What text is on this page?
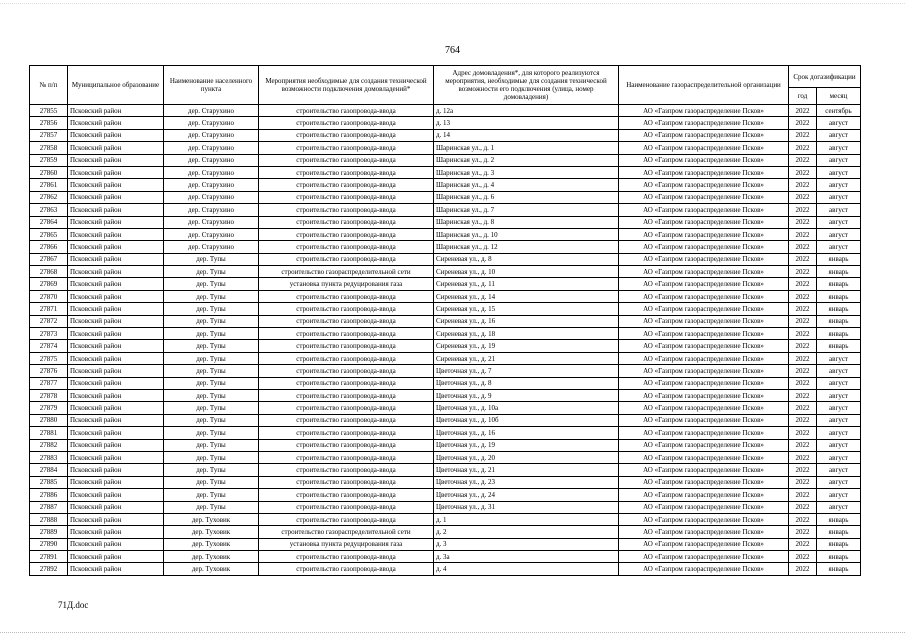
764
№ п/п	Муниципальное образование	Наименование населенного пункта	Мероприятия необходимые для создания технической возможности подключения домовладений*	Адрес домовладения*, для которого реализуются мероприятия, необходимые для создания технической возможности его подключения (улица, номер домовладения)	Наименование газораспределительной организации	Срок догазификации	
						год	месяц
27855	Псковский район	дер. Старухино	строительство газопровода-ввода	д. 12а	АО «Газпром газораспределение Псков»	2022	сентябрь
27856	Псковский район	дер. Старухино	строительство газопровода-ввода	д. 13	АО «Газпром газораспределение Псков»	2022	август
27857	Псковский район	дер. Старухино	строительство газопровода-ввода	д. 14	АО «Газпром газораспределение Псков»	2022	август
27858	Псковский район	дер. Старухино	строительство газопровода-ввода	Шаринская ул., д. 1	АО «Газпром газораспределение Псков»	2022	август
27859	Псковский район	дер. Старухино	строительство газопровода-ввода	Шаринская ул., д. 2	АО «Газпром газораспределение Псков»	2022	август
27860	Псковский район	дер. Старухино	строительство газопровода-ввода	Шаринская ул., д. 3	АО «Газпром газораспределение Псков»	2022	август
27861	Псковский район	дер. Старухино	строительство газопровода-ввода	Шаринская ул., д. 4	АО «Газпром газораспределение Псков»	2022	август
27862	Псковский район	дер. Старухино	строительство газопровода-ввода	Шаринская ул., д. 6	АО «Газпром газораспределение Псков»	2022	август
27863	Псковский район	дер. Старухино	строительство газопровода-ввода	Шаринская ул., д. 7	АО «Газпром газораспределение Псков»	2022	август
27864	Псковский район	дер. Старухино	строительство газопровода-ввода	Шаринская ул., д. 8	АО «Газпром газораспределение Псков»	2022	август
27865	Псковский район	дер. Старухино	строительство газопровода-ввода	Шаринская ул., д. 10	АО «Газпром газораспределение Псков»	2022	август
27866	Псковский район	дер. Старухино	строительство газопровода-ввода	Шаринская ул., д. 12	АО «Газпром газораспределение Псков»	2022	август
27867	Псковский район	дер. Тупы	строительство газопровода-ввода	Сиреневая ул., д. 8	АО «Газпром газораспределение Псков»	2022	январь
27868	Псковский район	дер. Тупы	строительство газораспределительной сети	Сиреневая ул., д. 10	АО «Газпром газораспределение Псков»	2022	январь
27869	Псковский район	дер. Тупы	установка пункта редуцирования газа	Сиреневая ул., д. 11	АО «Газпром газораспределение Псков»	2022	январь
27870	Псковский район	дер. Тупы	строительство газопровода-ввода	Сиреневая ул., д. 14	АО «Газпром газораспределение Псков»	2022	январь
27871	Псковский район	дер. Тупы	строительство газопровода-ввода	Сиреневая ул., д. 15	АО «Газпром газораспределение Псков»	2022	январь
27872	Псковский район	дер. Тупы	строительство газопровода-ввода	Сиреневая ул., д. 16	АО «Газпром газораспределение Псков»	2022	январь
27873	Псковский район	дер. Тупы	строительство газопровода-ввода	Сиреневая ул., д. 18	АО «Газпром газораспределение Псков»	2022	январь
27874	Псковский район	дер. Тупы	строительство газопровода-ввода	Сиреневая ул., д. 19	АО «Газпром газораспределение Псков»	2022	январь
27875	Псковский район	дер. Тупы	строительство газопровода-ввода	Сиреневая ул., д. 21	АО «Газпром газораспределение Псков»	2022	август
27876	Псковский район	дер. Тупы	строительство газопровода-ввода	Цветочная ул., д. 7	АО «Газпром газораспределение Псков»	2022	август
27877	Псковский район	дер. Тупы	строительство газопровода-ввода	Цветочная ул., д. 8	АО «Газпром газораспределение Псков»	2022	август
27878	Псковский район	дер. Тупы	строительство газопровода-ввода	Цветочная ул., д. 9	АО «Газпром газораспределение Псков»	2022	август
27879	Псковский район	дер. Тупы	строительство газопровода-ввода	Цветочная ул., д. 10а	АО «Газпром газораспределение Псков»	2022	август
27880	Псковский район	дер. Тупы	строительство газопровода-ввода	Цветочная ул., д. 10б	АО «Газпром газораспределение Псков»	2022	август
27881	Псковский район	дер. Тупы	строительство газопровода-ввода	Цветочная ул., д. 16	АО «Газпром газораспределение Псков»	2022	август
27882	Псковский район	дер. Тупы	строительство газопровода-ввода	Цветочная ул., д. 19	АО «Газпром газораспределение Псков»	2022	август
27883	Псковский район	дер. Тупы	строительство газопровода-ввода	Цветочная ул., д. 20	АО «Газпром газораспределение Псков»	2022	август
27884	Псковский район	дер. Тупы	строительство газопровода-ввода	Цветочная ул., д. 21	АО «Газпром газораспределение Псков»	2022	август
27885	Псковский район	дер. Тупы	строительство газопровода-ввода	Цветочная ул., д. 23	АО «Газпром газораспределение Псков»	2022	август
27886	Псковский район	дер. Тупы	строительство газопровода-ввода	Цветочная ул., д. 24	АО «Газпром газораспределение Псков»	2022	август
27887	Псковский район	дер. Тупы	строительство газопровода-ввода	Цветочная ул., д. 31	АО «Газпром газораспределение Псков»	2022	август
27888	Псковский район	дер. Туховик	строительство газопровода-ввода	д. 1	АО «Газпром газораспределение Псков»	2022	январь
27889	Псковский район	дер. Туховик	строительство газораспределительной сети	д. 2	АО «Газпром газораспределение Псков»	2022	январь
27890	Псковский район	дер. Туховик	установка пункта редуцирования газа	д. 3	АО «Газпром газораспределение Псков»	2022	январь
27891	Псковский район	дер. Туховик	строительство газопровода-ввода	д. 3а	АО «Газпром газораспределение Псков»	2022	январь
27892	Псковский район	дер. Туховик	строительство газопровода-ввода	д. 4	АО «Газпром газораспределение Псков»	2022	январь
71Д.doc
